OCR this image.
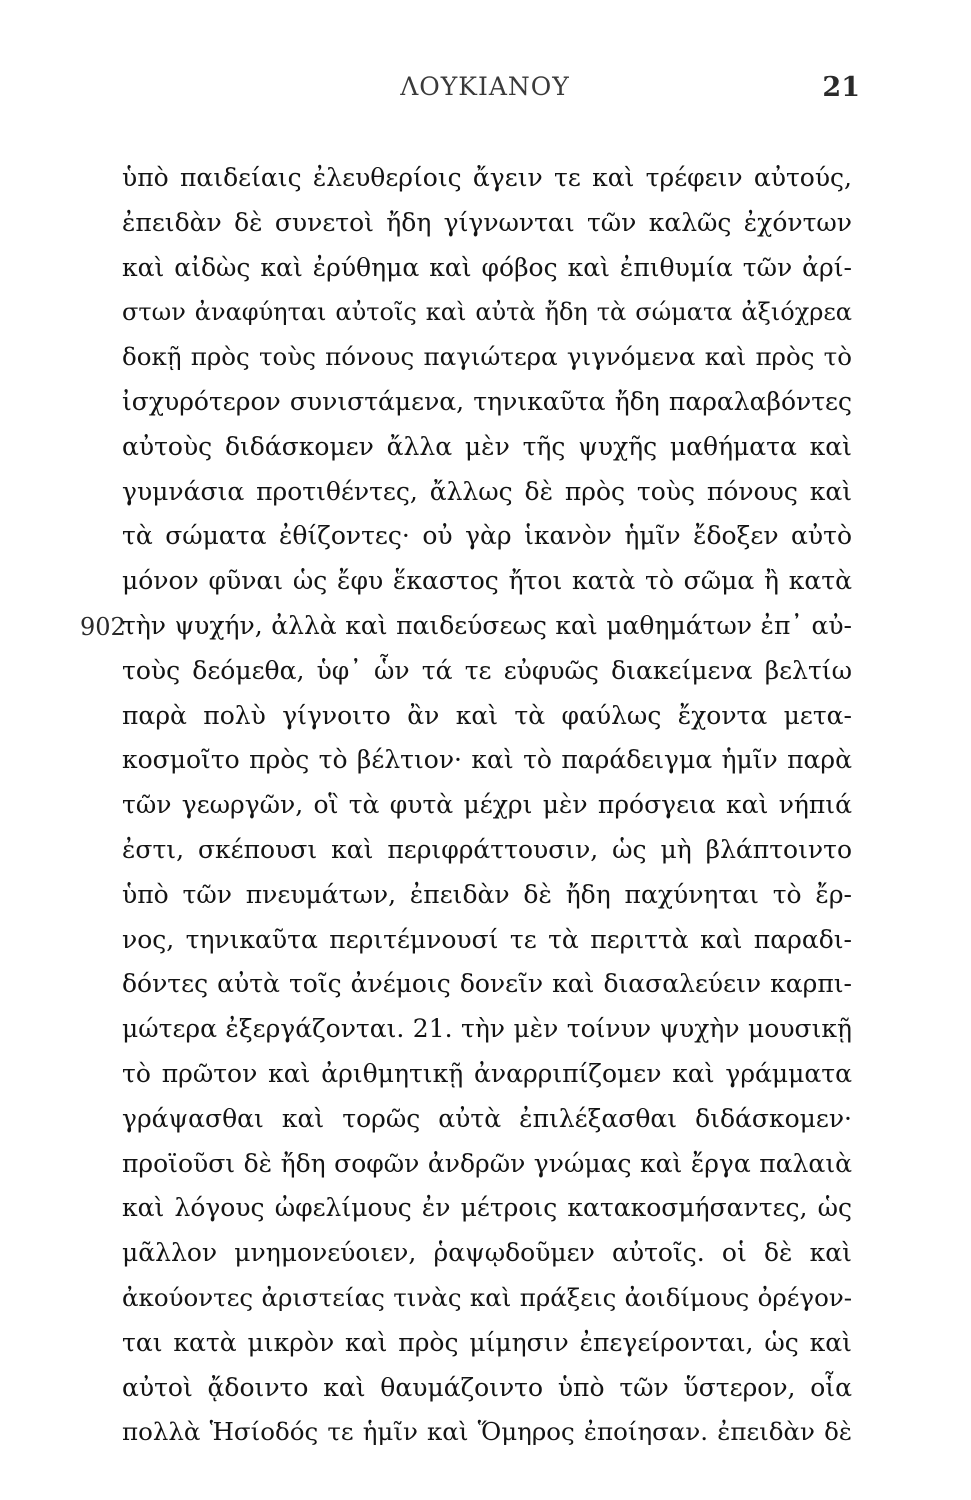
ΛΟΥΚΙΑΝΟΥ	21
902
ὑπὸ παιδείαις ἐλευθερίοις ἄγειν τε καὶ τρέφειν αὐτούς,
ἐπειδὰν δὲ συνετοὶ ἤδη γίγνωνται τῶν καλῶς ἐχόντων
καὶ αἰδὼς καὶ ἐρύθημα καὶ φόβος καὶ ἐπιθυμία τῶν ἀρί-
στων ἀναφύηται αὐτοῖς καὶ αὐτὰ ἤδη τὰ σώματα ἀξιόχρεα
δοκῇ πρὸς τοὺς πόνους παγιώτερα γιγνόμενα καὶ πρὸς τὸ
ἰσχυρότερον συνιστάμενα, τηνικαῦτα ἤδη παραλαβόντες
αὐτοὺς διδάσκομεν ἄλλα μὲν τῆς ψυχῆς μαθήματα καὶ
γυμνάσια προτιθέντες, ἄλλως δὲ πρὸς τοὺς πόνους καὶ
τὰ σώματα ἐθίζοντες· οὐ γὰρ ἱκανὸν ἡμῖν ἔδοξεν αὐτὸ
μόνον φῦναι ὡς ἔφυ ἕκαστος ἤτοι κατὰ τὸ σῶμα ἢ κατὰ
τὴν ψυχήν, ἀλλὰ καὶ παιδεύσεως καὶ μαθημάτων ἐπ᾿ αὐ-
τοὺς δεόμεθα, ὑφ᾿ ὧν τά τε εὐφυῶς διακείμενα βελτίω
παρὰ πολὺ γίγνοιτο ἂν καὶ τὰ φαύλως ἔχοντα μετα-
κοσμοῖτο πρὸς τὸ βέλτιον· καὶ τὸ παράδειγμα ἡμῖν παρὰ
τῶν γεωργῶν, οἳ τὰ φυτὰ μέχρι μὲν πρόσγεια καὶ νήπιά
ἐστι, σκέπουσι καὶ περιφράττουσιν, ὡς μὴ βλάπτοιντο
ὑπὸ τῶν πνευμάτων, ἐπειδὰν δὲ ἤδη παχύνηται τὸ ἔρ-
νος, τηνικαῦτα περιτέμνουσί τε τὰ περιττὰ καὶ παραδι-
δόντες αὐτὰ τοῖς ἀνέμοις δονεῖν καὶ διασαλεύειν καρπι-
μώτερα ἐξεργάζονται. 21. τὴν μὲν τοίνυν ψυχὴν μουσικῇ
τὸ πρῶτον καὶ ἀριθμητικῇ ἀναρριπίζομεν καὶ γράμματα
γράψασθαι καὶ τορῶς αὐτὰ ἐπιλέξασθαι διδάσκομεν·
προϊοῦσι δὲ ἤδη σοφῶν ἀνδρῶν γνώμας καὶ ἔργα παλαιὰ
καὶ λόγους ὠφελίμους ἐν μέτροις κατακοσμήσαντες, ὡς
μᾶλλον μνημονεύοιεν, ῥαψῳδοῦμεν αὐτοῖς. οἱ δὲ καὶ
ἀκούοντες ἀριστείας τινὰς καὶ πράξεις ἀοιδίμους ὀρέγον-
ται κατὰ μικρὸν καὶ πρὸς μίμησιν ἐπεγείρονται, ὡς καὶ
αὐτοὶ ᾄδοιντο καὶ θαυμάζοιντο ὑπὸ τῶν ὕστερον, οἷα
πολλὰ Ἡσίοδός τε ἡμῖν καὶ Ὅμηρος ἐποίησαν. ἐπειδὰν δὲ
